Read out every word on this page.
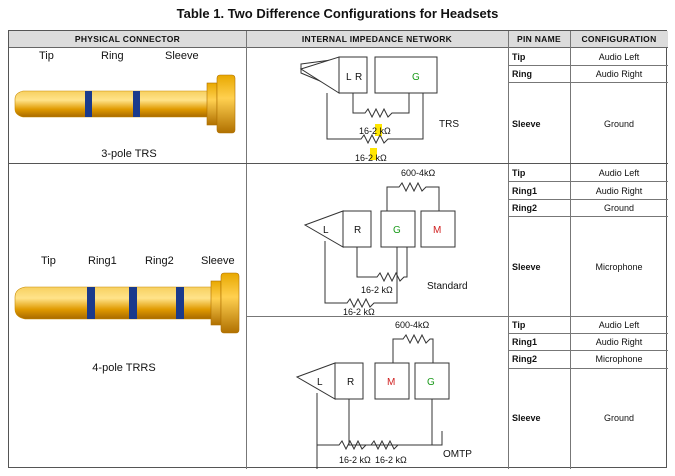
Table 1. Two Difference Configurations for Headsets
PHYSICAL CONNECTOR	INTERNAL IMPEDANCE NETWORK	PIN NAME	CONFIGURATION
Tip	Audio Left
Ring	Audio Right
Sleeve	Ground
Tip	Audio Left
Ring1	Audio Right
Ring2	Ground
Sleeve	Microphone
Tip	Audio Left
Ring1	Audio Right
Ring2	Microphone
Sleeve	Ground
Tip	Ring	Sleeve
3-pole TRS
Tip	Ring1	Ring2 Sleeve
4-pole TRRS
L R	G
16-2 kΩ
16-2 kΩ
TRS
600-4kΩ
L	R	G	M
16-2 kΩ
16-2 kΩ
Standard
600-4kΩ
L R	M	G
16-2 kΩ	OMTP
16-2 kΩ
